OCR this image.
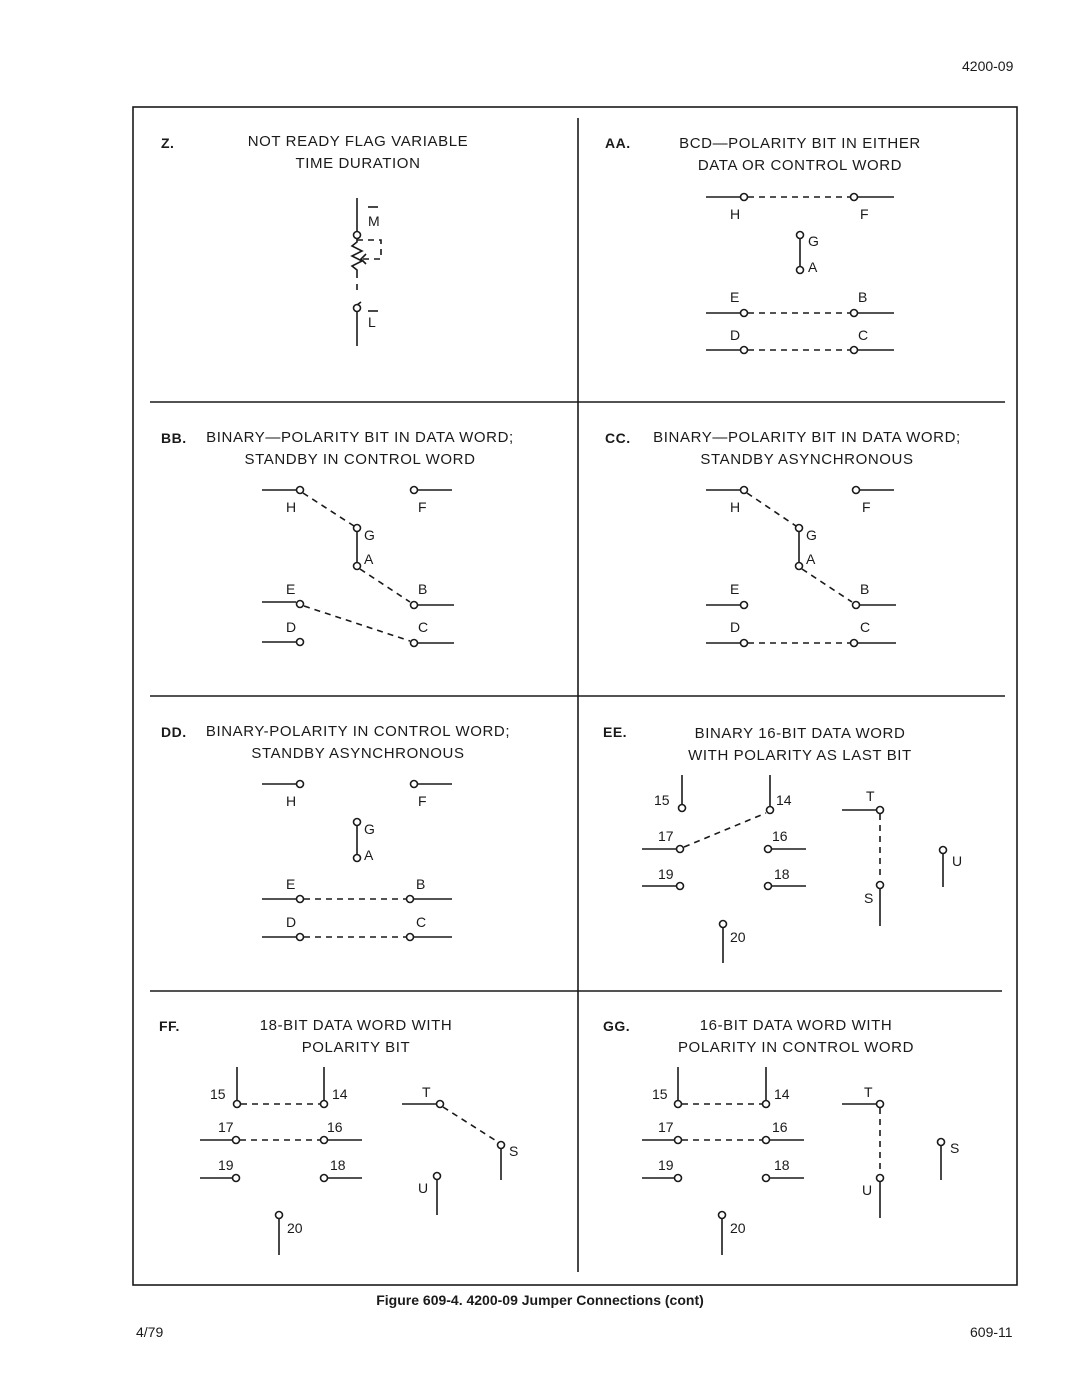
4200-09
Z.	NOT READY FLAG VARIABLE
TIME DURATION
M
L
AA.	BCD—POLARITY BIT IN EITHER
DATA OR CONTROL WORD
H	F
G
A
E	B
D	C
BB.	BINARY—POLARITY BIT IN DATA WORD;
STANDBY IN CONTROL WORD
H	F
G
A
E	B
D	C
CC.	BINARY—POLARITY BIT IN DATA WORD;
STANDBY ASYNCHRONOUS
H	F
G
A
E	B
D	C
DD.	BINARY-POLARITY IN CONTROL WORD;
STANDBY ASYNCHRONOUS
H	F
G
A
E	B
D	C
EE.	BINARY 16-BIT DATA WORD
WITH POLARITY AS LAST BIT
15	14	T
S
17	16
U
19	18
20
FF.	18-BIT DATA WORD WITH
POLARITY BIT
15	14	T
S
17	16
19	18
U
20
GG.	16-BIT DATA WORD WITH
POLARITY IN CONTROL WORD
15	14	T
U
17	16
S
19	18
20
Figure 609-4. 4200-09 Jumper Connections (cont)
4/79	609-11
